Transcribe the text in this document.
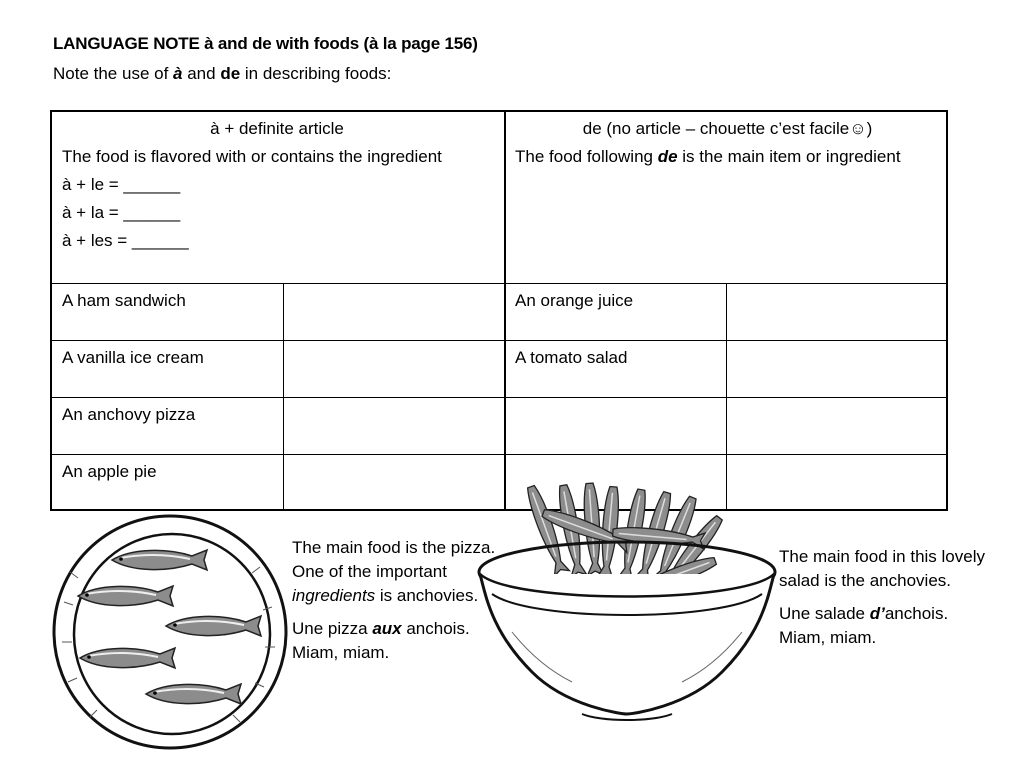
LANGUAGE NOTE à and de with foods (à la page 156)
Note the use of à and de in describing foods:
à + definite article
The food is flavored with or contains the ingredient
à + le = ______
à + la = ______
à + les = ______
de (no article – chouette c’est facile☺)
The food following de is the main item or ingredient
A ham sandwich	An orange juice
A vanilla ice cream	A tomato salad
An anchovy pizza
An apple pie

The main food is the pizza. One of the important ingredients is anchovies.

Une pizza aux anchois. Miam, miam.

The main food in this lovely salad is the anchovies.

Une salade d’anchois. Miam, miam.
